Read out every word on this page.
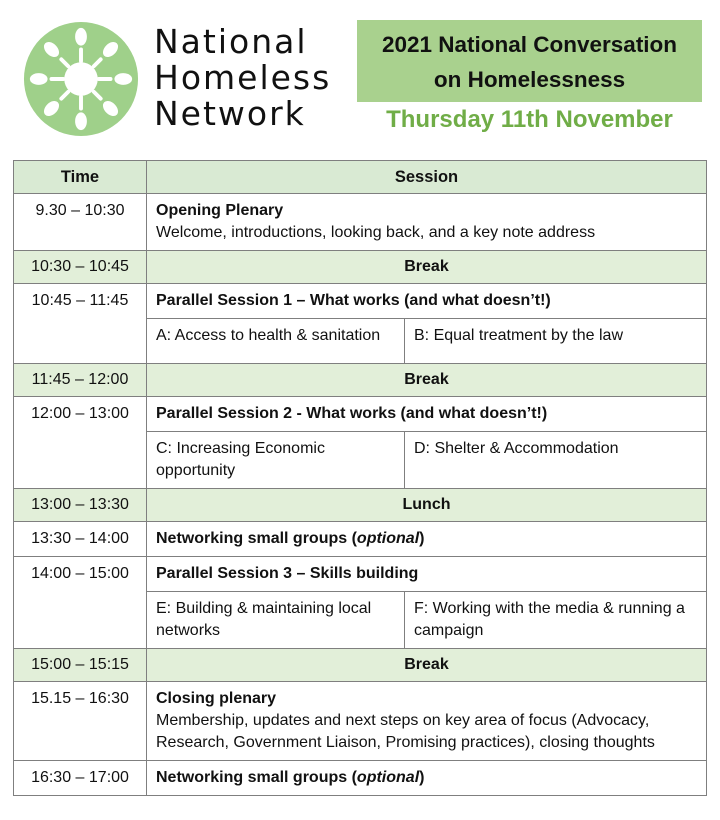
National
Homeless
Network
2021 National Conversation
on Homelessness
Thursday 11th November
Time	Session	
9.30 – 10:30	Opening Plenary
Welcome, introductions, looking back, and a key note address	

10:30 – 10:45	Break	
10:45 – 11:45	Parallel Session 1 – What works (and what doesn’t!)	
	A: Access to health & sanitation	B: Equal treatment by the law
11:45 – 12:00	Break	
12:00 – 13:00	Parallel Session 2 - What works (and what doesn’t!)	
	C: Increasing Economic opportunity	D: Shelter & Accommodation
13:00 – 13:30	Lunch	
13:30 – 14:00	Networking small groups (optional)	
14:00 – 15:00	Parallel Session 3 – Skills building	
	E: Building & maintaining local networks	F: Working with the media & running a campaign
15:00 – 15:15	Break	
15.15 – 16:30	Closing plenary
Membership, updates and next steps on key area of focus (Advocacy, Research, Government Liaison, Promising practices), closing thoughts	

16:30 – 17:00	Networking small groups (optional)	
